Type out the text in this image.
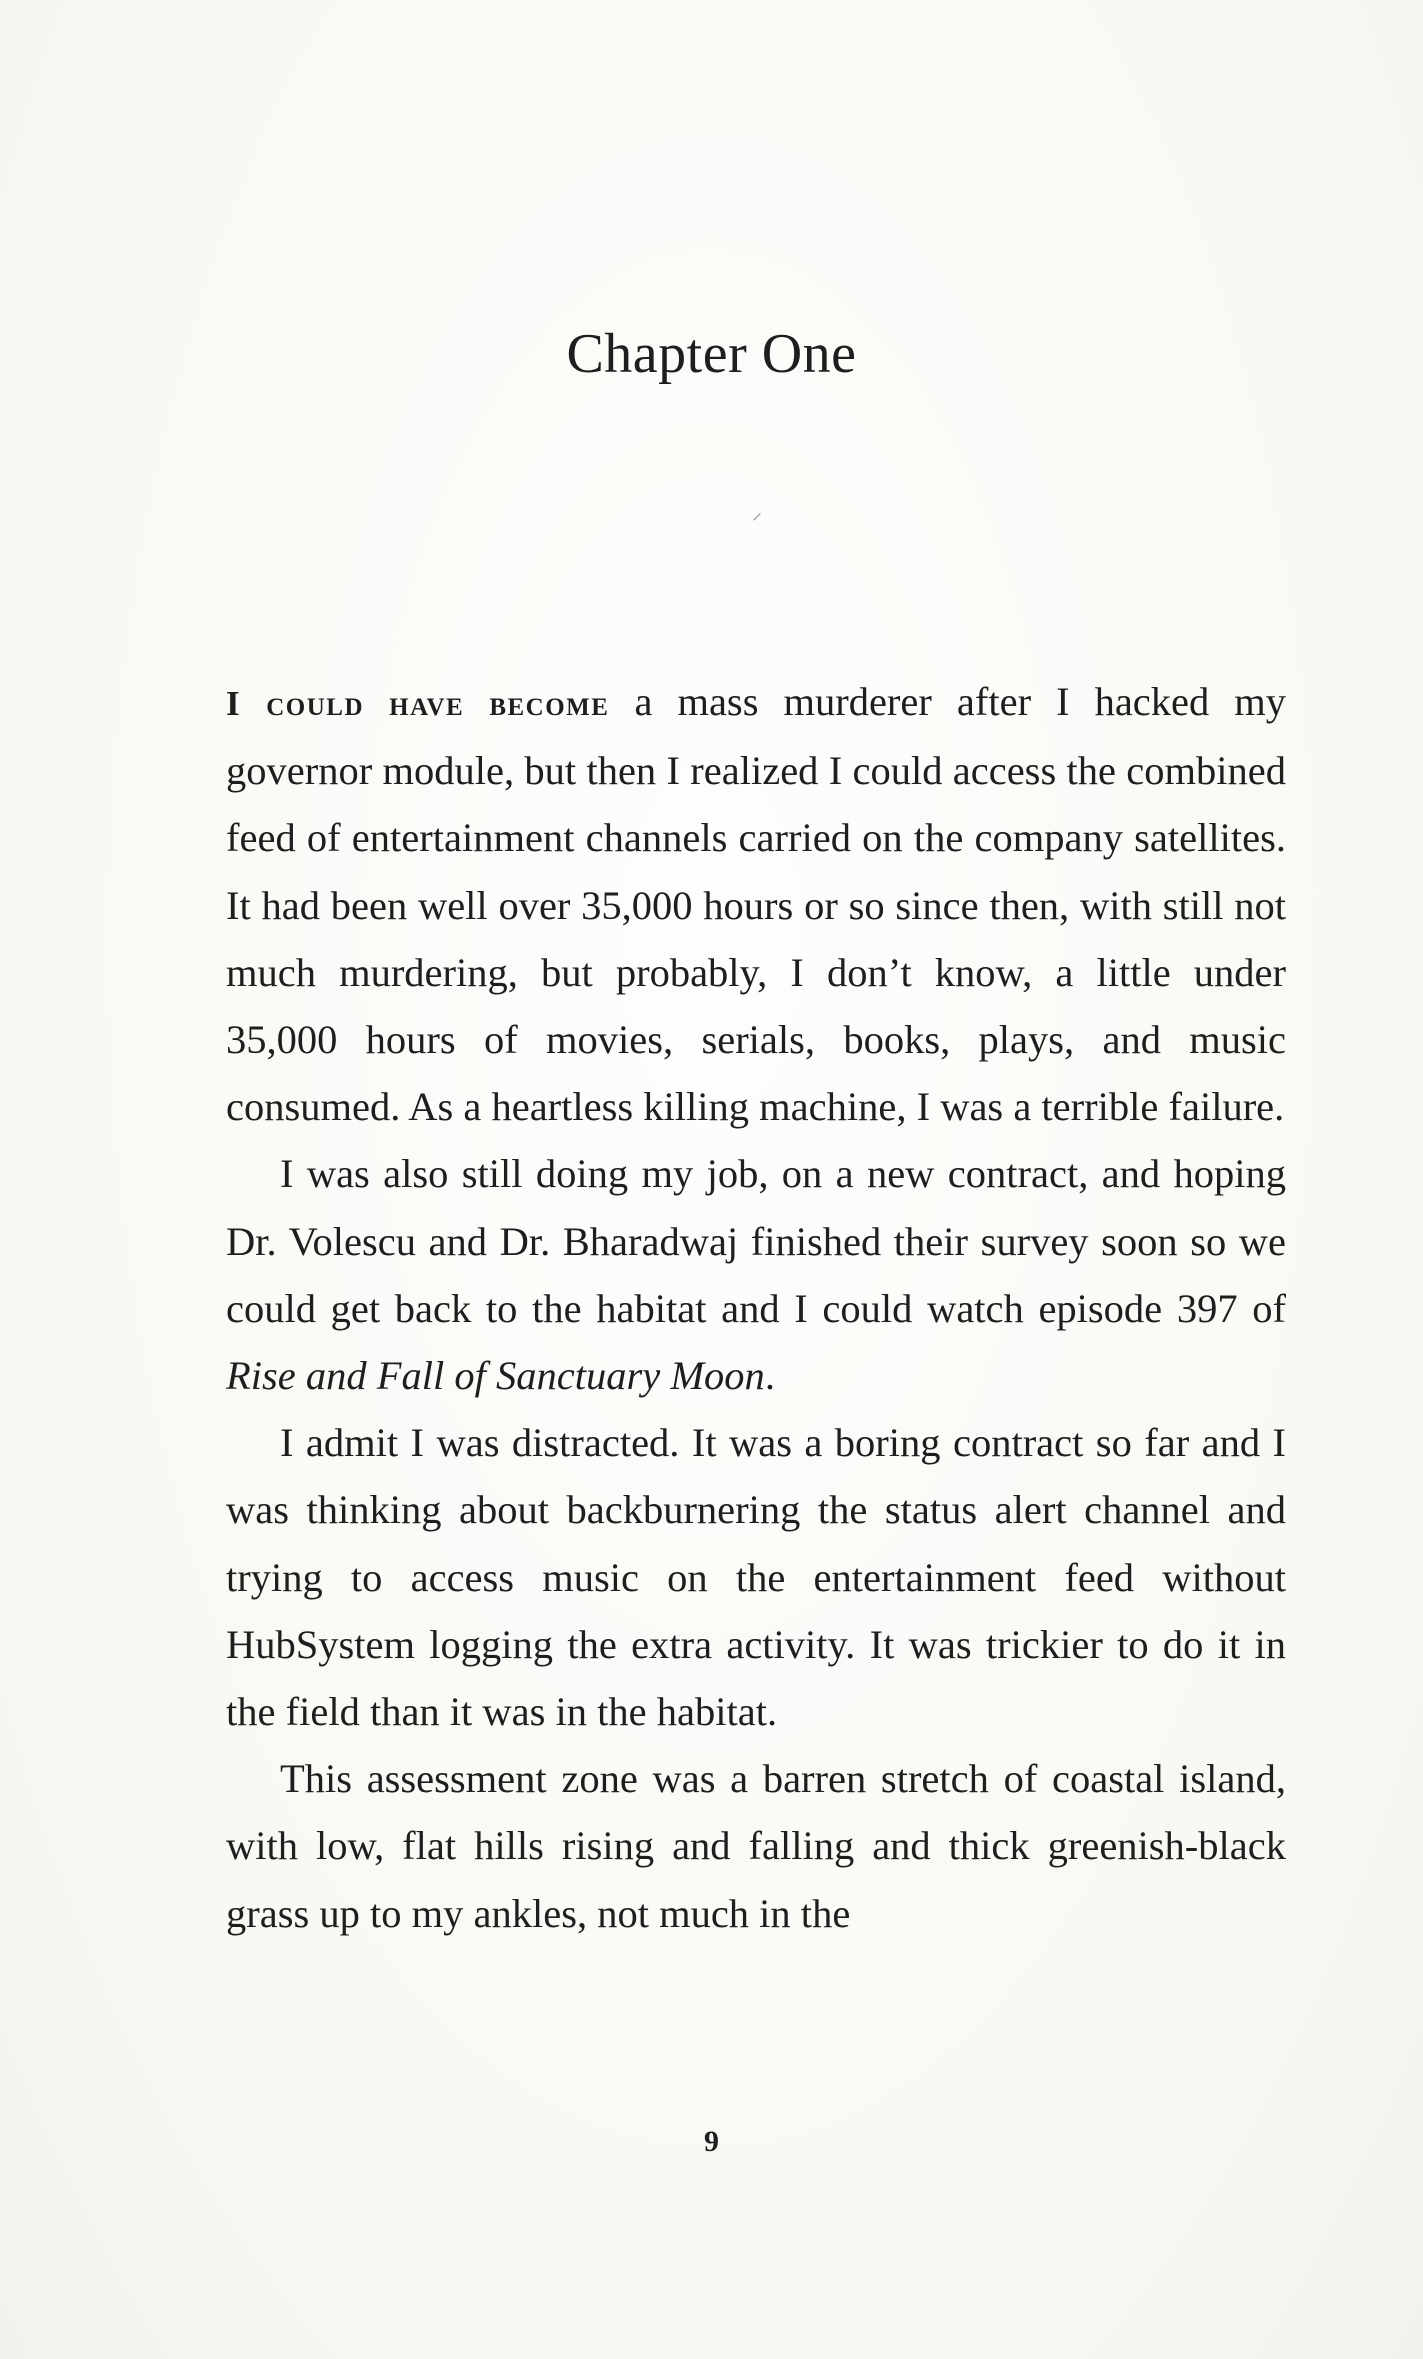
Chapter One
⸝

I could have become a mass murderer after I hacked my governor module, but then I realized I could access the combined feed of entertainment channels carried on the company satellites. It had been well over 35,000 hours or so since then, with still not much murdering, but probably, I don’t know, a little under 35,000 hours of movies, serials, books, plays, and music consumed. As a heartless killing machine, I was a terrible failure.

I was also still doing my job, on a new contract, and hoping Dr. Volescu and Dr. Bharadwaj finished their survey soon so we could get back to the habitat and I could watch episode 397 of Rise and Fall of Sanctuary Moon.

I admit I was distracted. It was a boring contract so far and I was thinking about backburnering the status alert channel and trying to access music on the entertainment feed without HubSystem logging the extra activity. It was trickier to do it in the field than it was in the habitat.

This assessment zone was a barren stretch of coastal island, with low, flat hills rising and falling and thick greenish-black grass up to my ankles, not much in the

9
